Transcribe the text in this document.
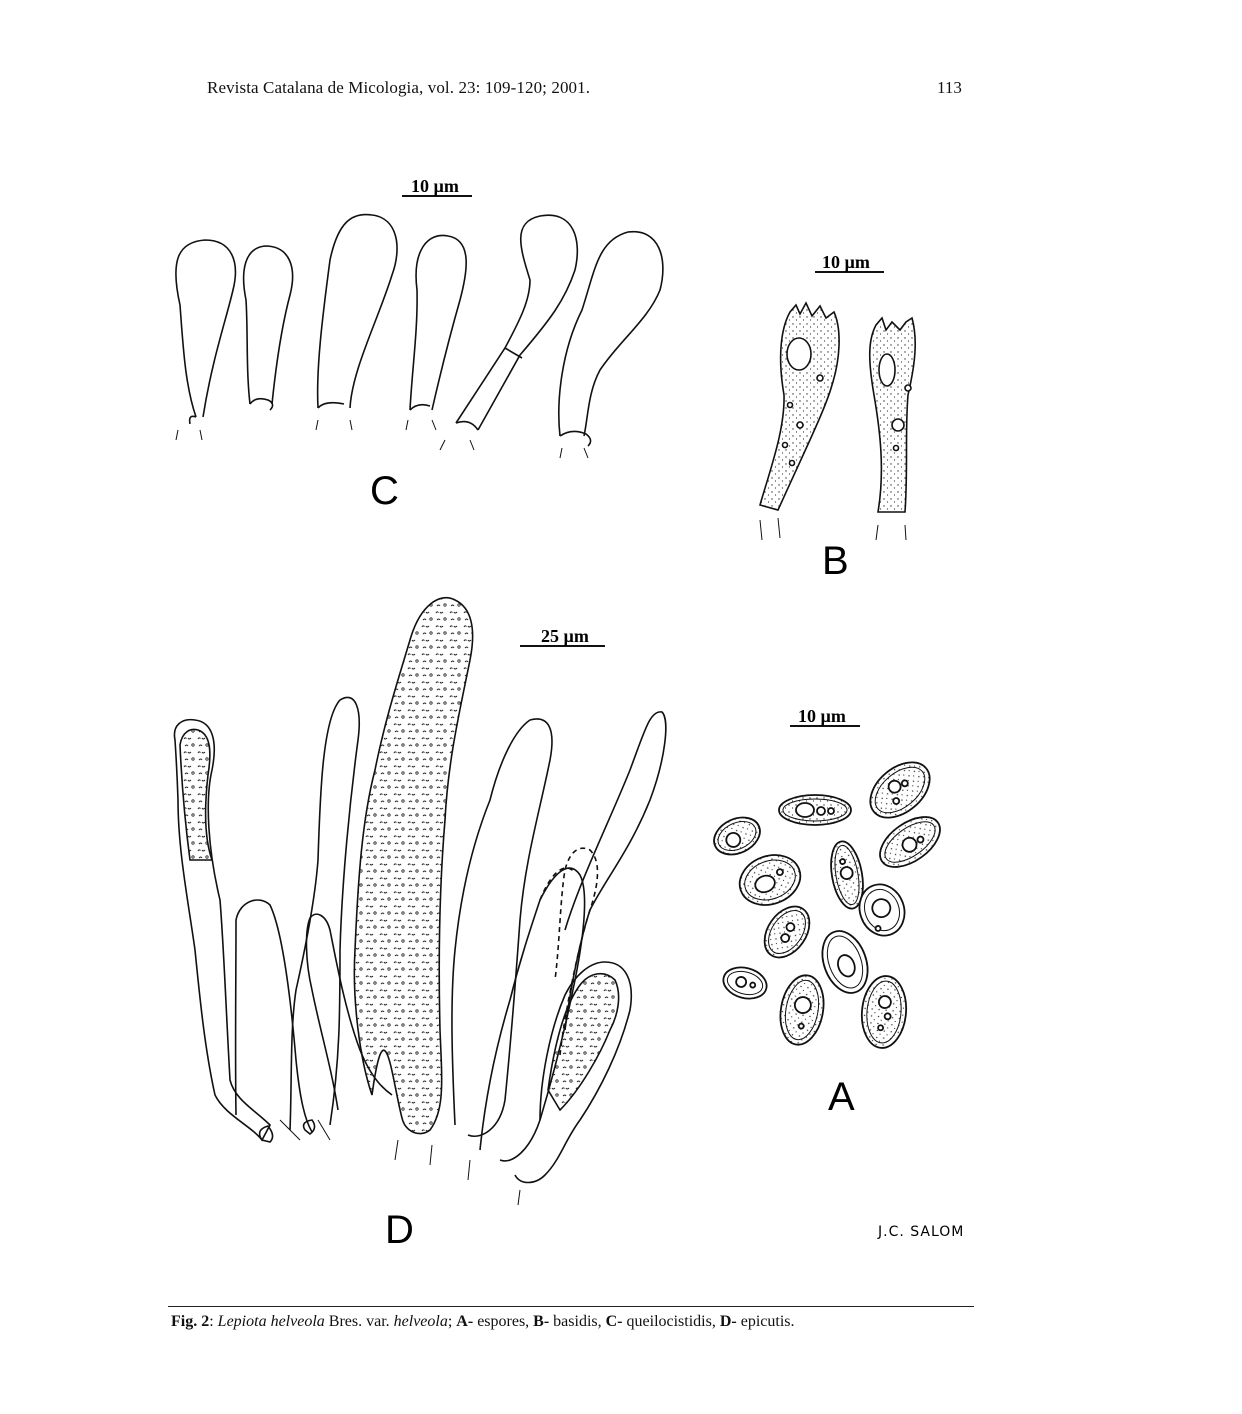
Revista Catalana de Micologia, vol. 23: 109-120; 2001.	113
10 µm
C
10 µm
B
25 µm
D
10 µm
A
J.C. SALOM
Fig. 2: Lepiota helveola Bres. var. helveola; A- espores, B- basidis, C- queilocistidis, D- epicutis.
